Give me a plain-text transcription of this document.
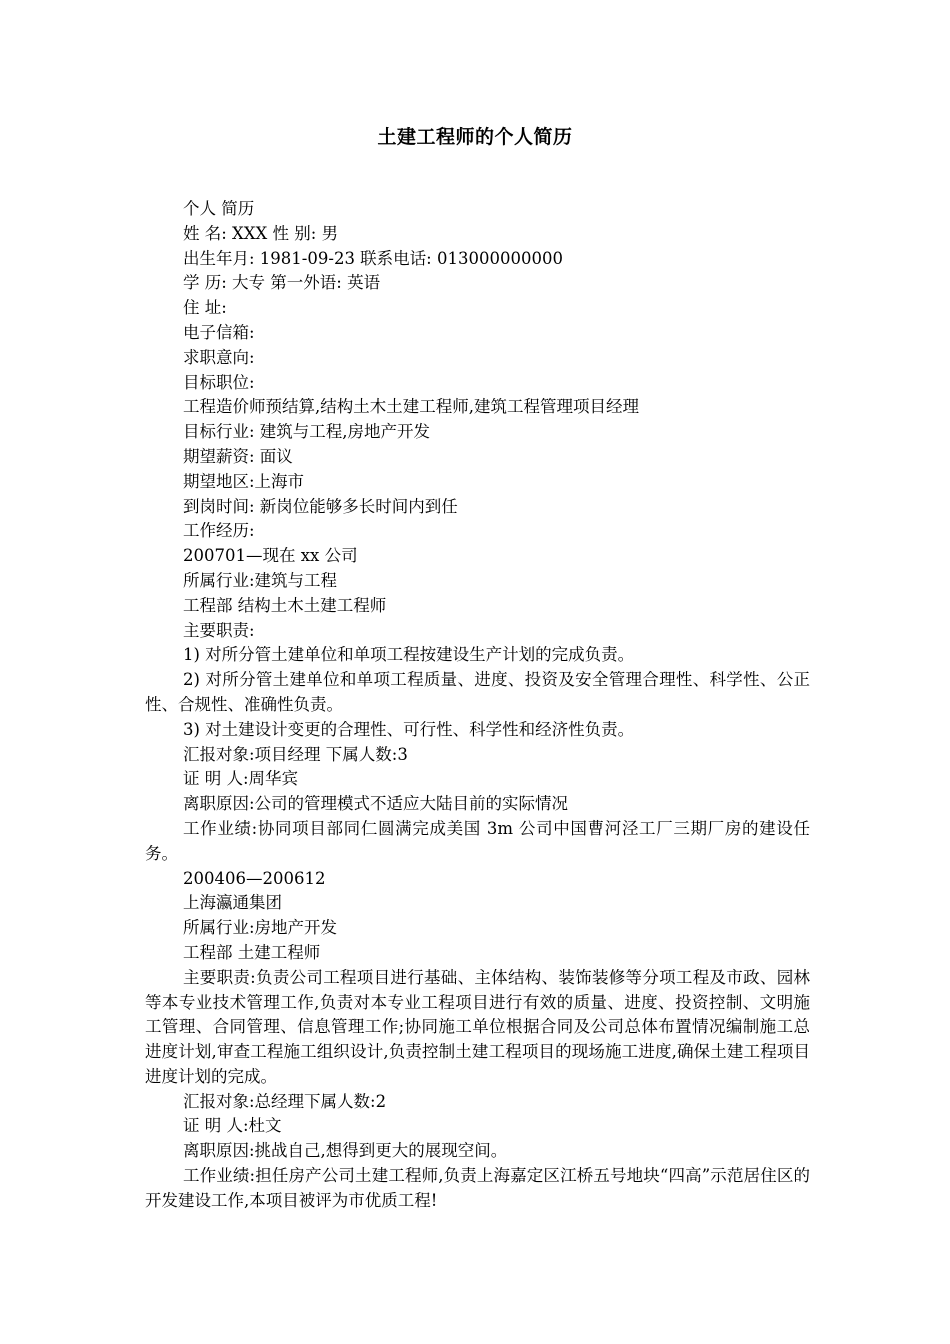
土建工程师的个人简历

个人 简历

姓 名: XXX 性 别: 男

出生年月: 1981-09-23 联系电话: 013000000000

学 历: 大专 第一外语: 英语

住 址:

电子信箱:

求职意向:

目标职位:

工程造价师预结算,结构土木土建工程师,建筑工程管理项目经理

目标行业: 建筑与工程,房地产开发

期望薪资: 面议

期望地区:上海市

到岗时间: 新岗位能够多长时间内到任

工作经历:

200701—现在 xx 公司

所属行业:建筑与工程

工程部 结构土木土建工程师

主要职责:

1) 对所分管土建单位和单项工程按建设生产计划的完成负责。

2) 对所分管土建单位和单项工程质量、进度、投资及安全管理合理性、科学性、公正性、合规性、准确性负责。

3) 对土建设计变更的合理性、可行性、科学性和经济性负责。

汇报对象:项目经理 下属人数:3

证 明 人:周华宾

离职原因:公司的管理模式不适应大陆目前的实际情况

工作业绩:协同项目部同仁圆满完成美国 3m 公司中国曹河泾工厂三期厂房的建设任务。

200406—200612

上海瀛通集团

所属行业:房地产开发

工程部 土建工程师

主要职责:负责公司工程项目进行基础、主体结构、装饰装修等分项工程及市政、园林等本专业技术管理工作,负责对本专业工程项目进行有效的质量、进度、投资控制、文明施工管理、合同管理、信息管理工作;协同施工单位根据合同及公司总体布置情况编制施工总进度计划,审查工程施工组织设计,负责控制土建工程项目的现场施工进度,确保土建工程项目进度计划的完成。

汇报对象:总经理下属人数:2

证 明 人:杜文

离职原因:挑战自己,想得到更大的展现空间。

工作业绩:担任房产公司土建工程师,负责上海嘉定区江桥五号地块“四高”示范居住区的开发建设工作,本项目被评为市优质工程!
